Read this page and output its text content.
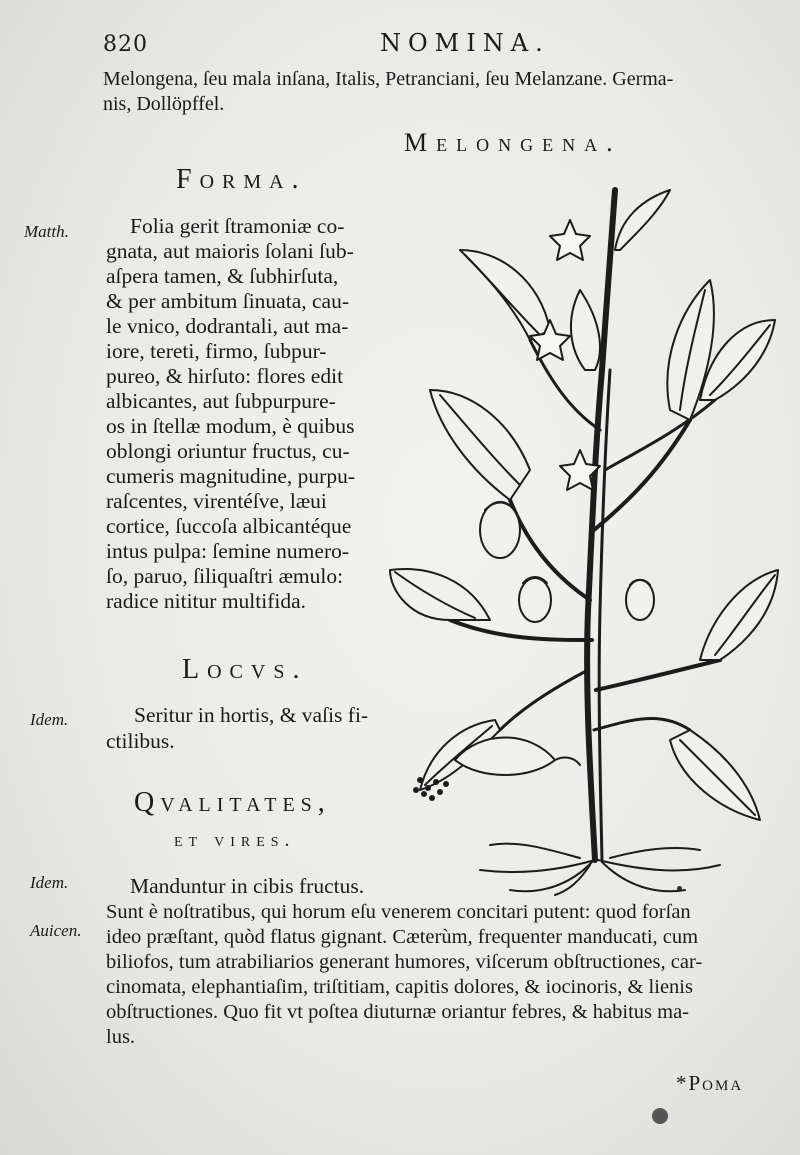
820	NOMINA.
Melongena, ſeu mala inſana, Italis, Petranciani, ſeu Melanzane. Germa-
nis, Dollöpffel.
Melongena.
Forma.
Matth.	Folia gerit ſtramoniæ co-
gnata, aut maioris ſolani ſub-
aſpera tamen, & ſubhirſuta,
& per ambitum ſinuata, cau-
le vnico, dodrantali, aut ma-
iore, tereti, firmo, ſubpur-
pureo, & hirſuto: flores edit
albicantes, aut ſubpurpure-
os in ſtellæ modum, è quibus
oblongi oriuntur fructus, cu-
cumeris magnitudine, purpu-
raſcentes, virentéſve, læui
cortice, ſuccoſa albicantéque
intus pulpa: ſemine numero-
ſo, paruo, ſiliquaſtri æmulo:
radice nititur multifida.
Locvs.
Idem.	Seritur in hortis, & vaſis fi-
ctilibus.
Qvalitates,
et vires.
Idem.
Auicen.
Manduntur in cibis fructus.
Sunt è noſtratibus, qui horum eſu venerem concitari putent: quod forſan
ideo præſtant, quòd flatus gignant. Cæterùm, frequenter manducati, cum
biliofos, tum atrabiliarios generant humores, viſcerum obſtructiones, car-
cinomata, elephantiaſim, triſtitiam, capitis dolores, & iocinoris, & lienis
obſtructiones. Quo fit vt poſtea diuturnæ oriantur febres, & habitus ma-
lus.
*Poma
